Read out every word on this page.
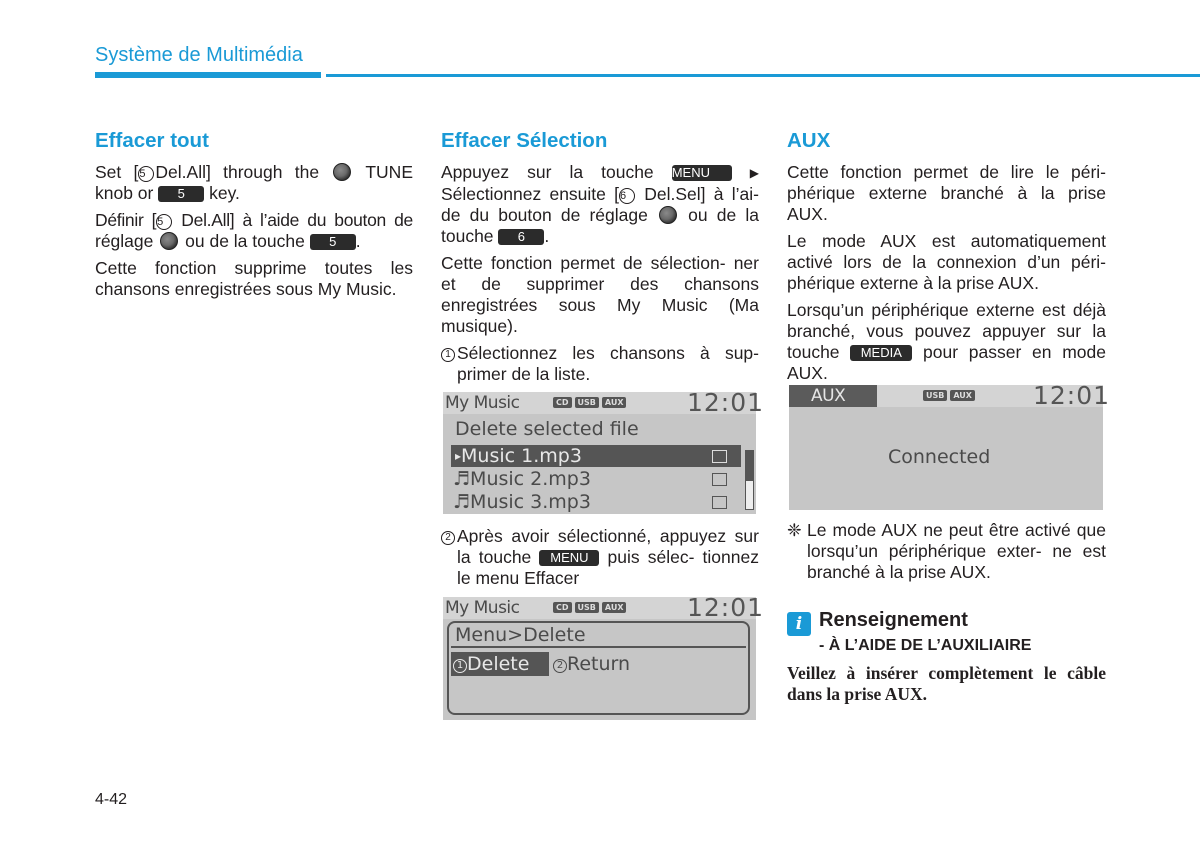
Système de Multimédia
Effacer tout

Set [5 Del.All] through the	TUNE

knob or 5 key.

Définir [5 Del.All] à l’aide du bouton de

réglage ou de la touche 5 .

Cette fonction supprime toutes les chansons enregistrées sous My Music.

Effacer Sélection

Appuyez sur la touche MENU	▶

Sélectionnez ensuite [6 Del.Sel] à l’ai-

de du bouton de réglage ou de la

touche 6 .

Cette fonction permet de sélection- ner et de supprimer des chansons enregistrées sous My Music (Ma musique).

1 Sélectionnez les chansons à sup- primer de la liste.
My Music	CD	USB	AUX	12:01
Delete selected file
▸Music 1.mp3
♬Music 2.mp3
♬Music 3.mp3
2 Après avoir sélectionné, appuyez sur la touche MENU puis sélec- tionnez le menu Effacer
My Music	CD	USB	AUX	12:01
Menu>Delete
1 Delete	2 Return
AUX

Cette fonction permet de lire le péri- phérique externe branché à la prise AUX.

Le mode AUX est automatiquement activé lors de la connexion d’un péri- phérique externe à la prise AUX.

Lorsqu’un périphérique externe est déjà branché, vous pouvez appuyer sur la touche MEDIA pour passer en mode AUX.

AUX	USB	AUX 12:01
Connected
❈ Le mode AUX ne peut être activé que lorsqu’un périphérique exter- ne est branché à la prise AUX.
i Renseignement
- À L’AIDE DE L’AUXILIAIRE
Veillez à insérer complètement le câble dans la prise AUX.
4-42
